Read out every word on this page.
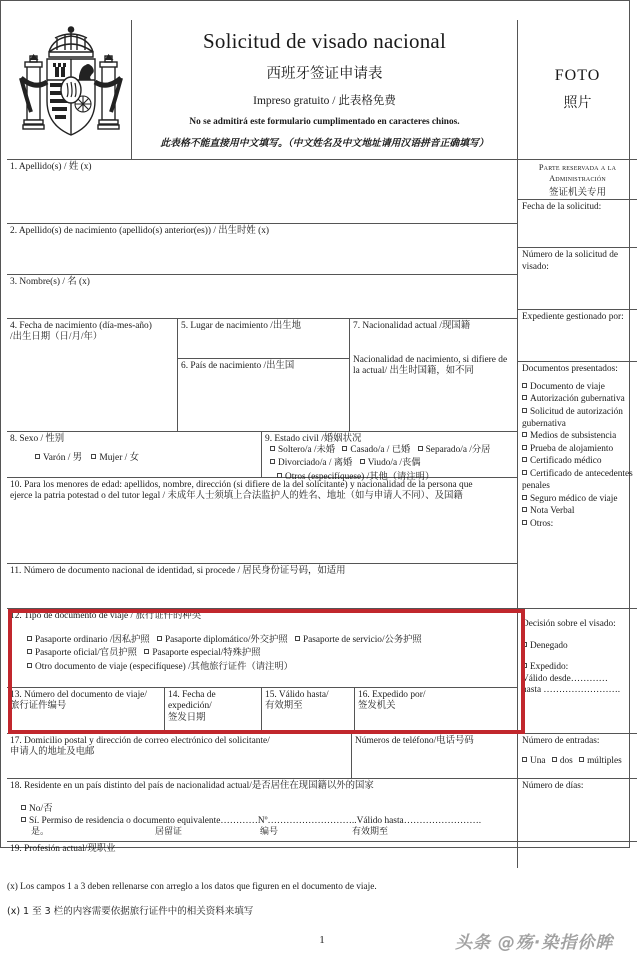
Solicitud de visado nacional
西班牙签证申请表
Impreso gratuito / 此表格免费
No se admitirá este formulario cumplimentado en caracteres chinos.
此表格不能直接用中文填写。（中文姓名及中文地址请用汉语拼音正确填写）
FOTO
照片
1. Apellido(s) / 姓 (x)
2. Apellido(s) de nacimiento (apellido(s) anterior(es)) / 出生时姓 (x)
3. Nombre(s) / 名 (x)
4. Fecha de nacimiento (día-mes-año)
/出生日期（日/月/年）
5. Lugar de nacimiento /出生地
6. País de nacimiento /出生国
7. Nacionalidad actual /现国籍
Nacionalidad de nacimiento, si difiere de
la actual/ 出生时国籍，如不同
8. Sexo / 性别
Varón / 男 Mujer / 女
9. Estado civil /婚姻状况
Soltero/a /未婚 Casado/a / 已婚 Separado/a /分居
Divorciado/a / 离婚 Viudo/a /丧偶
Otros (especifíquese) /其他（请注明）
10. Para los menores de edad: apellidos, nombre, dirección (si difiere de la del solicitante) y nacionalidad de la persona que
ejerce la patria potestad o del tutor legal / 未成年人士须填上合法监护人的姓名、地址（如与申请人不同）、及国籍
11. Número de documento nacional de identidad, si procede / 居民身份证号码，如适用
12. Tipo de documento de viaje / 旅行证件的种类
Pasaporte ordinario /因私护照 Pasaporte diplomático/外交护照 Pasaporte de servicio/公务护照
Pasaporte oficial/官员护照 Pasaporte especial/特殊护照
Otro documento de viaje (especifíquese) /其他旅行证件（请注明）
13. Número del documento de viaje/
旅行证件编号
14. Fecha de expedición/
签发日期
15. Válido hasta/
有效期至
16. Expedido por/
签发机关
17. Domicilio postal y dirección de correo electrónico del solicitante/
申请人的地址及电邮
Números de teléfono/电话号码
18. Residente en un país distinto del país de nacionalidad actual/是否居住在现国籍以外的国家
No/否
Sí. Permiso de residencia o documento equivalente…………Nº………………………..Válido hasta…………………….
是。	居留证	编号	有效期至
19. Profesión actual/现职业
Parte reservada a la
Administración
签证机关专用
Fecha de la solicitud:
Número de la solicitud de visado:
Expediente gestionado por:
Documentos presentados:
Documento de viaje
Autorización gubernativa
Solicitud de autorización gubernativa
Medios de subsistencia
Prueba de alojamiento
Certificado médico
Certificado de antecedentes penales
Seguro médico de viaje
Nota Verbal
Otros:
Decisión sobre el visado:
Denegado
Expedido:
Válido desde…………
hasta …………………….
Número de entradas:
Una dos múltiples
Número de días:
(x) Los campos 1 a 3 deben rellenarse con arreglo a los datos que figuren en el documento de viaje.
(x) 1 至 3 栏的内容需要依据旅行证件中的相关资料来填写
1	头条 @殇·染指伱眸
